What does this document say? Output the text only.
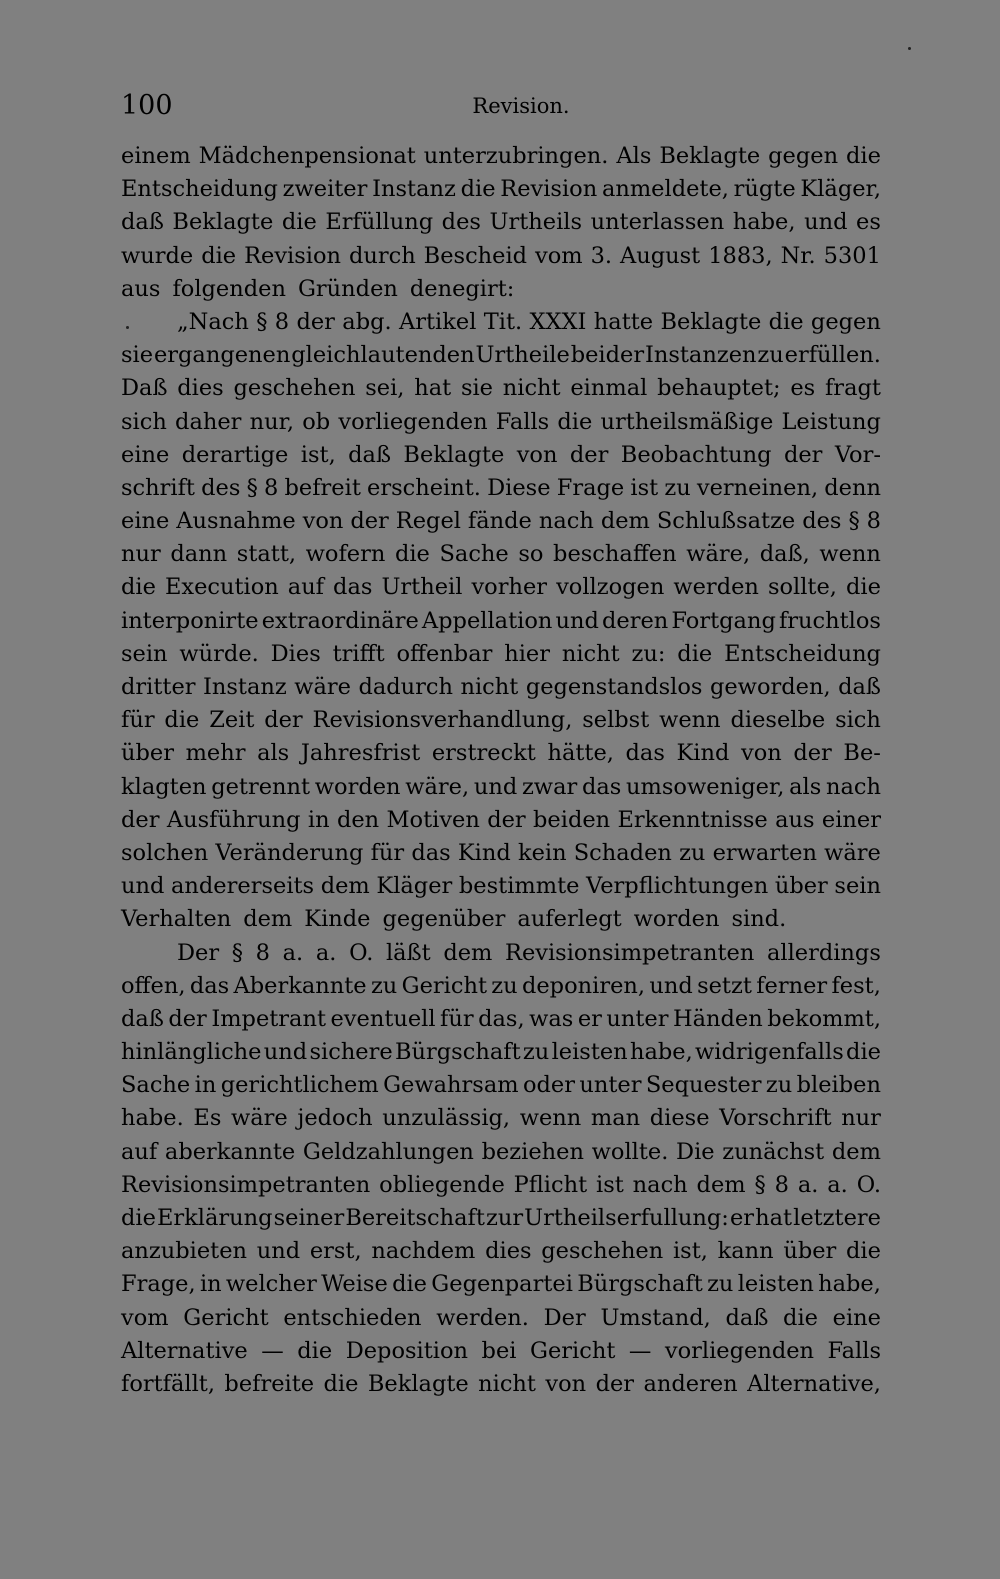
100	Revision.
einem Mädchenpensionat unterzubringen. Als Beklagte gegen die
Entscheidung zweiter Instanz die Revision anmeldete, rügte Kläger,
daß Beklagte die Erfüllung des Urtheils unterlassen habe, und es
wurde die Revision durch Bescheid vom 3. August 1883, Nr. 5301
aus folgenden Gründen denegirt:
„Nach § 8 der abg. Artikel Tit. XXXI hatte Beklagte die gegen
sie ergangenen gleichlautenden Urtheile beider Instanzen zu erfüllen.
Daß dies geschehen sei, hat sie nicht einmal behauptet; es fragt
sich daher nur, ob vorliegenden Falls die urtheilsmäßige Leistung
eine derartige ist, daß Beklagte von der Beobachtung der Vor-
schrift des § 8 befreit erscheint. Diese Frage ist zu verneinen, denn
eine Ausnahme von der Regel fände nach dem Schlußsatze des § 8
nur dann statt, wofern die Sache so beschaffen wäre, daß, wenn
die Execution auf das Urtheil vorher vollzogen werden sollte, die
interponirte extraordinäre Appellation und deren Fortgang fruchtlos
sein würde. Dies trifft offenbar hier nicht zu: die Entscheidung
dritter Instanz wäre dadurch nicht gegenstandslos geworden, daß
für die Zeit der Revisionsverhandlung, selbst wenn dieselbe sich
über mehr als Jahresfrist erstreckt hätte, das Kind von der Be-
klagten getrennt worden wäre, und zwar das umsoweniger, als nach
der Ausführung in den Motiven der beiden Erkenntnisse aus einer
solchen Veränderung für das Kind kein Schaden zu erwarten wäre
und andererseits dem Kläger bestimmte Verpflichtungen über sein
Verhalten dem Kinde gegenüber auferlegt worden sind.
Der § 8 a. a. O. läßt dem Revisionsimpetranten allerdings
offen, das Aberkannte zu Gericht zu deponiren, und setzt ferner fest,
daß der Impetrant eventuell für das, was er unter Händen bekommt,
hinlängliche und sichere Bürgschaft zu leisten habe, widrigenfalls die
Sache in gerichtlichem Gewahrsam oder unter Sequester zu bleiben
habe. Es wäre jedoch unzulässig, wenn man diese Vorschrift nur
auf aberkannte Geldzahlungen beziehen wollte. Die zunächst dem
Revisionsimpetranten obliegende Pflicht ist nach dem § 8 a. a. O.
die Erklärung seiner Bereitschaft zur Urtheilserfullung: er hat letztere
anzubieten und erst, nachdem dies geschehen ist, kann über die
Frage, in welcher Weise die Gegenpartei Bürgschaft zu leisten habe,
vom Gericht entschieden werden. Der Umstand, daß die eine
Alternative — die Deposition bei Gericht — vorliegenden Falls
fortfällt, befreite die Beklagte nicht von der anderen Alternative,
